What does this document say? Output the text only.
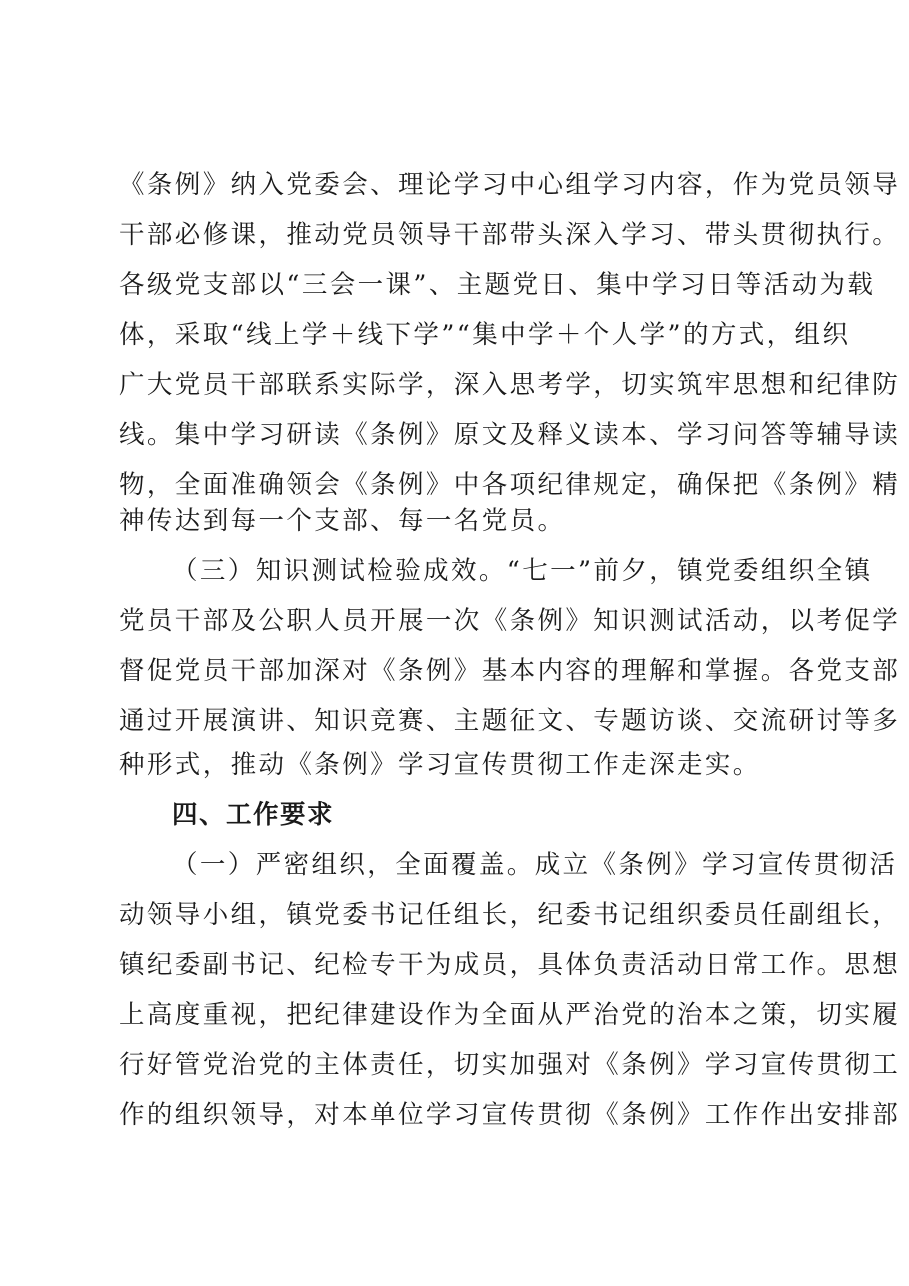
《条例》纳入党委会、理论学习中心组学习内容，作为党员领导
干部必修课，推动党员领导干部带头深入学习、带头贯彻执行。
各级党支部以“三会一课”、主题党日、集中学习日等活动为载
体，采取“线上学＋线下学”“集中学＋个人学”的方式，组织
广大党员干部联系实际学，深入思考学，切实筑牢思想和纪律防
线。集中学习研读《条例》原文及释义读本、学习问答等辅导读
物，全面准确领会《条例》中各项纪律规定，确保把《条例》精
神传达到每一个支部、每一名党员。
（三）知识测试检验成效。“七一”前夕，镇党委组织全镇
党员干部及公职人员开展一次《条例》知识测试活动，以考促学
督促党员干部加深对《条例》基本内容的理解和掌握。各党支部
通过开展演讲、知识竞赛、主题征文、专题访谈、交流研讨等多
种形式，推动《条例》学习宣传贯彻工作走深走实。
四、工作要求
（一）严密组织，全面覆盖。成立《条例》学习宣传贯彻活
动领导小组，镇党委书记任组长，纪委书记组织委员任副组长，
镇纪委副书记、纪检专干为成员，具体负责活动日常工作。思想
上高度重视，把纪律建设作为全面从严治党的治本之策，切实履
行好管党治党的主体责任，切实加强对《条例》学习宣传贯彻工
作的组织领导，对本单位学习宣传贯彻《条例》工作作出安排部
